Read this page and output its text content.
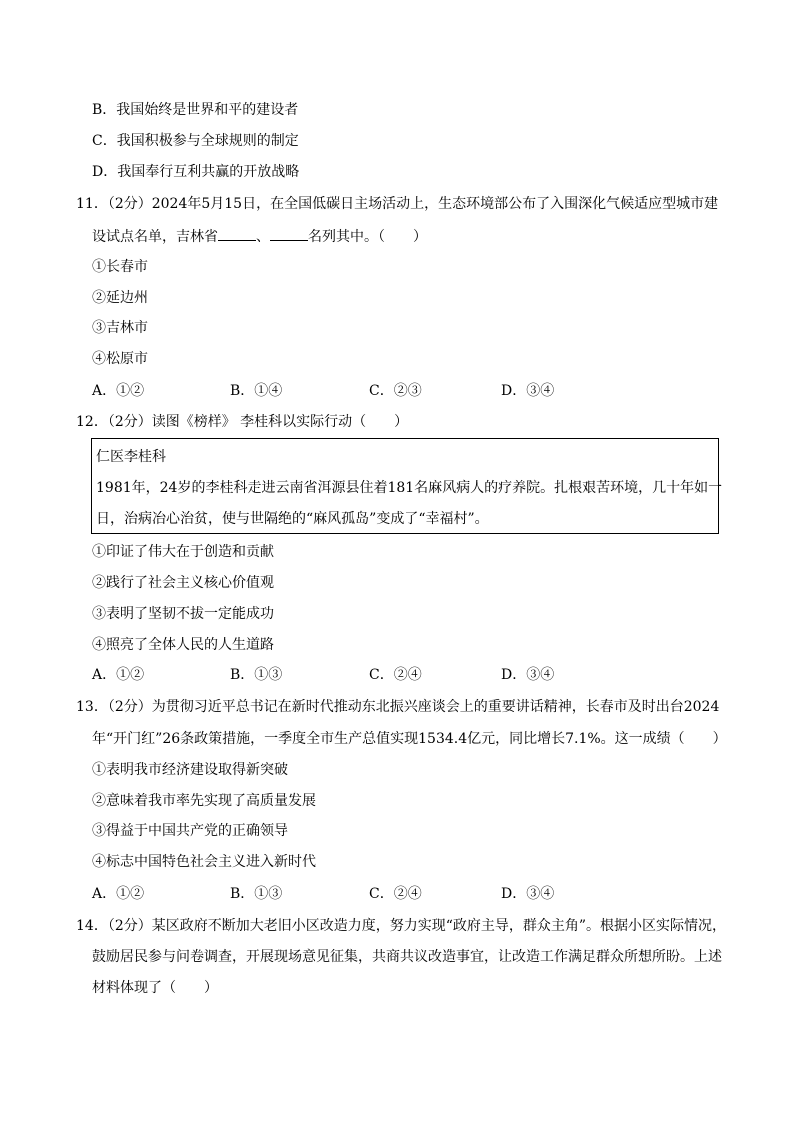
B．我国始终是世界和平的建设者
C．我国积极参与全球规则的制定
D．我国奉行互利共赢的开放战略
11．（2分）2024年5月15日，在全国低碳日主场活动上，生态环境部公布了入围深化气候适应型城市建
设试点名单，吉林省	、	名列其中。（　　）
①长春市
②延边州
③吉林市
④松原市
A．①②	B．①④	C．②③	D．③④
12．（2分）读图《榜样》 李桂科以实际行动（　　）
仁医李桂科
1981年，24岁的李桂科走进云南省洱源县住着181名麻风病人的疗养院。扎根艰苦环境，几十年如一
日，治病冶心治贫，使与世隔绝的“麻风孤岛”变成了“幸福村”。
①印证了伟大在于创造和贡献
②践行了社会主义核心价值观
③表明了坚韧不拔一定能成功
④照亮了全体人民的人生道路
A．①②	B．①③	C．②④	D．③④
13．（2分）为贯彻习近平总书记在新时代推动东北振兴座谈会上的重要讲话精神，长春市及时出台2024
年“开门红”26条政策措施，一季度全市生产总值实现1534.4亿元，同比增长7.1%。这一成绩（　　）
①表明我市经济建设取得新突破
②意味着我市率先实现了高质量发展
③得益于中国共产党的正确领导
④标志中国特色社会主义进入新时代
A．①②	B．①③	C．②④	D．③④
14．（2分）某区政府不断加大老旧小区改造力度，努力实现“政府主导，群众主角”。根据小区实际情况，
鼓励居民参与问卷调查，开展现场意见征集，共商共议改造事宜，让改造工作满足群众所想所盼。上述
材料体现了（　　）
